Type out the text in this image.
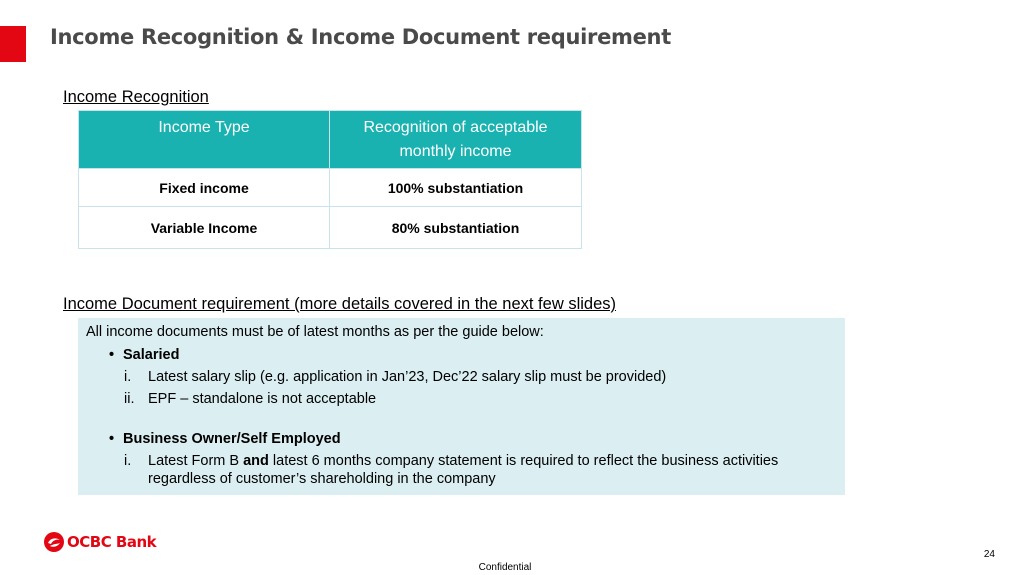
Income Recognition & Income Document requirement
Income Recognition
Income Type	Recognition of acceptable monthly income
Fixed income	100% substantiation
Variable Income	80% substantiation
Income Document requirement (more details covered in the next few slides)

All income documents must be of latest months as per the guide below:

• Salaried
i. Latest salary slip (e.g. application in Jan’23, Dec’22 salary slip must be provided)
ii. EPF – standalone is not acceptable
• Business Owner/Self Employed
i. Latest Form B and latest 6 months company statement is required to reflect the business activities regardless of customer’s shareholding in the company
OCBC Bank
24
Confidential
